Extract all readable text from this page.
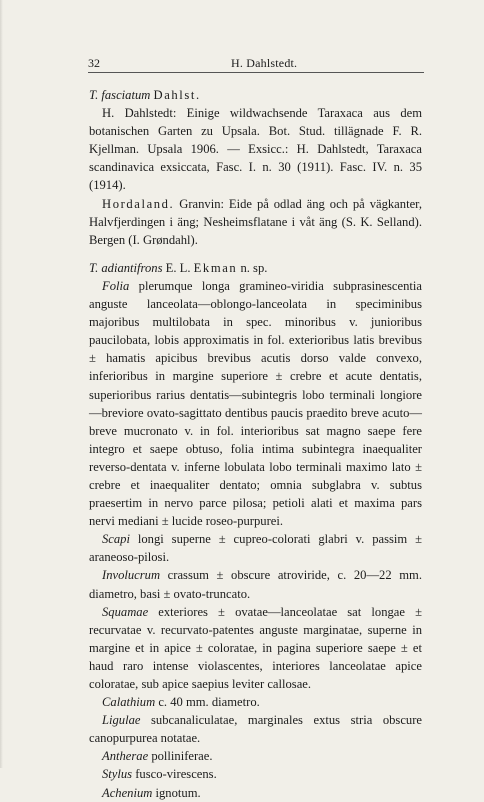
32	H. Dahlstedt.

T. fasciatum Dahlst.

H. Dahlstedt: Einige wildwachsende Taraxaca aus dem botanischen Garten zu Upsala. Bot. Stud. tillägnade F. R. Kjellman. Upsala 1906. — Exsicc.: H. Dahlstedt, Taraxaca scandinavica exsiccata, Fasc. I. n. 30 (1911). Fasc. IV. n. 35 (1914).

Hordaland. Granvin: Eide på odlad äng och på vägkanter, Halvfjerdingen i äng; Nesheimsflatane i våt äng (S. K. Selland). Bergen (I. Grøndahl).

T. adiantifrons E. L. Ekman n. sp.

Folia plerumque longa gramineo-viridia subprasinescentia anguste lanceolata—oblongo-lanceolata in speciminibus majoribus multilobata in spec. minoribus v. junioribus paucilobata, lobis approximatis in fol. exterioribus latis brevibus ± hamatis apicibus brevibus acutis dorso valde convexo, inferioribus in margine superiore ± crebre et acute dentatis, superioribus rarius dentatis—subintegris lobo terminali longiore—breviore ovato-sagittato dentibus paucis praedito breve acuto—breve mucronato v. in fol. interioribus sat magno saepe fere integro et saepe obtuso, folia intima subintegra inaequaliter reverso-dentata v. inferne lobulata lobo terminali maximo lato ± crebre et inaequaliter dentato; omnia subglabra v. subtus praesertim in nervo parce pilosa; petioli alati et maxima pars nervi mediani ± lucide roseo-purpurei.

Scapi longi superne ± cupreo-colorati glabri v. passim ± araneoso-pilosi.

Involucrum crassum ± obscure atroviride, c. 20—22 mm. diametro, basi ± ovato-truncato.

Squamae exteriores ± ovatae—lanceolatae sat longae ± recurvatae v. recurvato-patentes anguste marginatae, superne in margine et in apice ± coloratae, in pagina superiore saepe ± et haud raro intense violascentes, interiores lanceolatae apice coloratae, sub apice saepius leviter callosae.

Calathium c. 40 mm. diametro.

Ligulae subcanaliculatae, marginales extus stria obscure canopurpurea notatae.

Antherae polliniferae.

Stylus fusco-virescens.

Achenium ignotum.
